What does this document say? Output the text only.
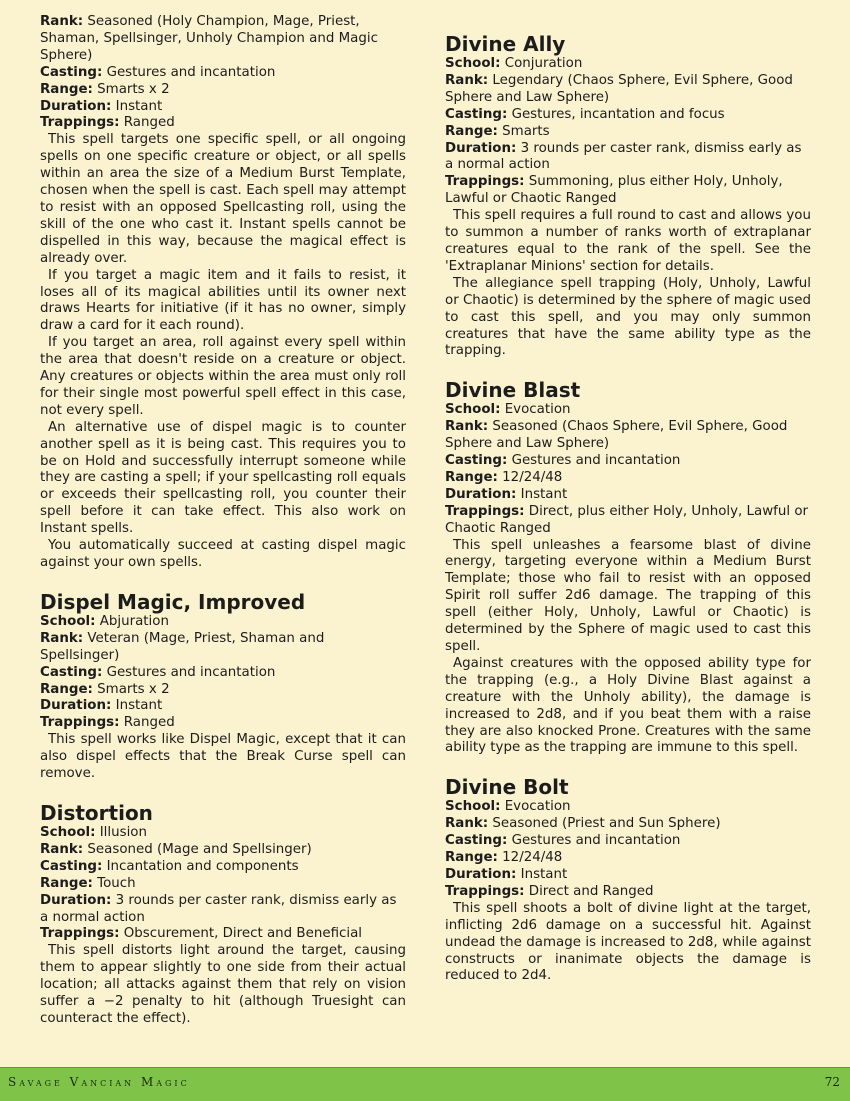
Rank: Seasoned (Holy Champion, Mage, Priest, Shaman, Spellsinger, Unholy Champion and Magic Sphere)
Casting: Gestures and incantation
Range: Smarts x 2
Duration: Instant
Trappings: Ranged
This spell targets one specific spell, or all ongoing spells on one specific creature or object, or all spells within an area the size of a Medium Burst Template, chosen when the spell is cast. Each spell may attempt to resist with an opposed Spellcasting roll, using the skill of the one who cast it. Instant spells cannot be dispelled in this way, because the magical effect is already over.
If you target a magic item and it fails to resist, it loses all of its magical abilities until its owner next draws Hearts for initiative (if it has no owner, simply draw a card for it each round).
If you target an area, roll against every spell within the area that doesn't reside on a creature or object. Any creatures or objects within the area must only roll for their single most powerful spell effect in this case, not every spell.
An alternative use of dispel magic is to counter another spell as it is being cast. This requires you to be on Hold and successfully interrupt someone while they are casting a spell; if your spellcasting roll equals or exceeds their spellcasting roll, you counter their spell before it can take effect. This also work on Instant spells.
You automatically succeed at casting dispel magic against your own spells.
Dispel Magic, Improved
School: Abjuration
Rank: Veteran (Mage, Priest, Shaman and Spellsinger)
Casting: Gestures and incantation
Range: Smarts x 2
Duration: Instant
Trappings: Ranged
This spell works like Dispel Magic, except that it can also dispel effects that the Break Curse spell can remove.
Distortion
School: Illusion
Rank: Seasoned (Mage and Spellsinger)
Casting: Incantation and components
Range: Touch
Duration: 3 rounds per caster rank, dismiss early as a normal action
Trappings: Obscurement, Direct and Beneficial
This spell distorts light around the target, causing them to appear slightly to one side from their actual location; all attacks against them that rely on vision suffer a −2 penalty to hit (although Truesight can counteract the effect).
Divine Ally
School: Conjuration
Rank: Legendary (Chaos Sphere, Evil Sphere, Good Sphere and Law Sphere)
Casting: Gestures, incantation and focus
Range: Smarts
Duration: 3 rounds per caster rank, dismiss early as a normal action
Trappings: Summoning, plus either Holy, Unholy, Lawful or Chaotic Ranged
This spell requires a full round to cast and allows you to summon a number of ranks worth of extraplanar creatures equal to the rank of the spell. See the 'Extraplanar Minions' section for details.
The allegiance spell trapping (Holy, Unholy, Lawful or Chaotic) is determined by the sphere of magic used to cast this spell, and you may only summon creatures that have the same ability type as the trapping.
Divine Blast
School: Evocation
Rank: Seasoned (Chaos Sphere, Evil Sphere, Good Sphere and Law Sphere)
Casting: Gestures and incantation
Range: 12/24/48
Duration: Instant
Trappings: Direct, plus either Holy, Unholy, Lawful or Chaotic Ranged
This spell unleashes a fearsome blast of divine energy, targeting everyone within a Medium Burst Template; those who fail to resist with an opposed Spirit roll suffer 2d6 damage. The trapping of this spell (either Holy, Unholy, Lawful or Chaotic) is determined by the Sphere of magic used to cast this spell.
Against creatures with the opposed ability type for the trapping (e.g., a Holy Divine Blast against a creature with the Unholy ability), the damage is increased to 2d8, and if you beat them with a raise they are also knocked Prone. Creatures with the same ability type as the trapping are immune to this spell.
Divine Bolt
School: Evocation
Rank: Seasoned (Priest and Sun Sphere)
Casting: Gestures and incantation
Range: 12/24/48
Duration: Instant
Trappings: Direct and Ranged
This spell shoots a bolt of divine light at the target, inflicting 2d6 damage on a successful hit. Against undead the damage is increased to 2d8, while against constructs or inanimate objects the damage is reduced to 2d4.
Savage Vancian Magic	72
